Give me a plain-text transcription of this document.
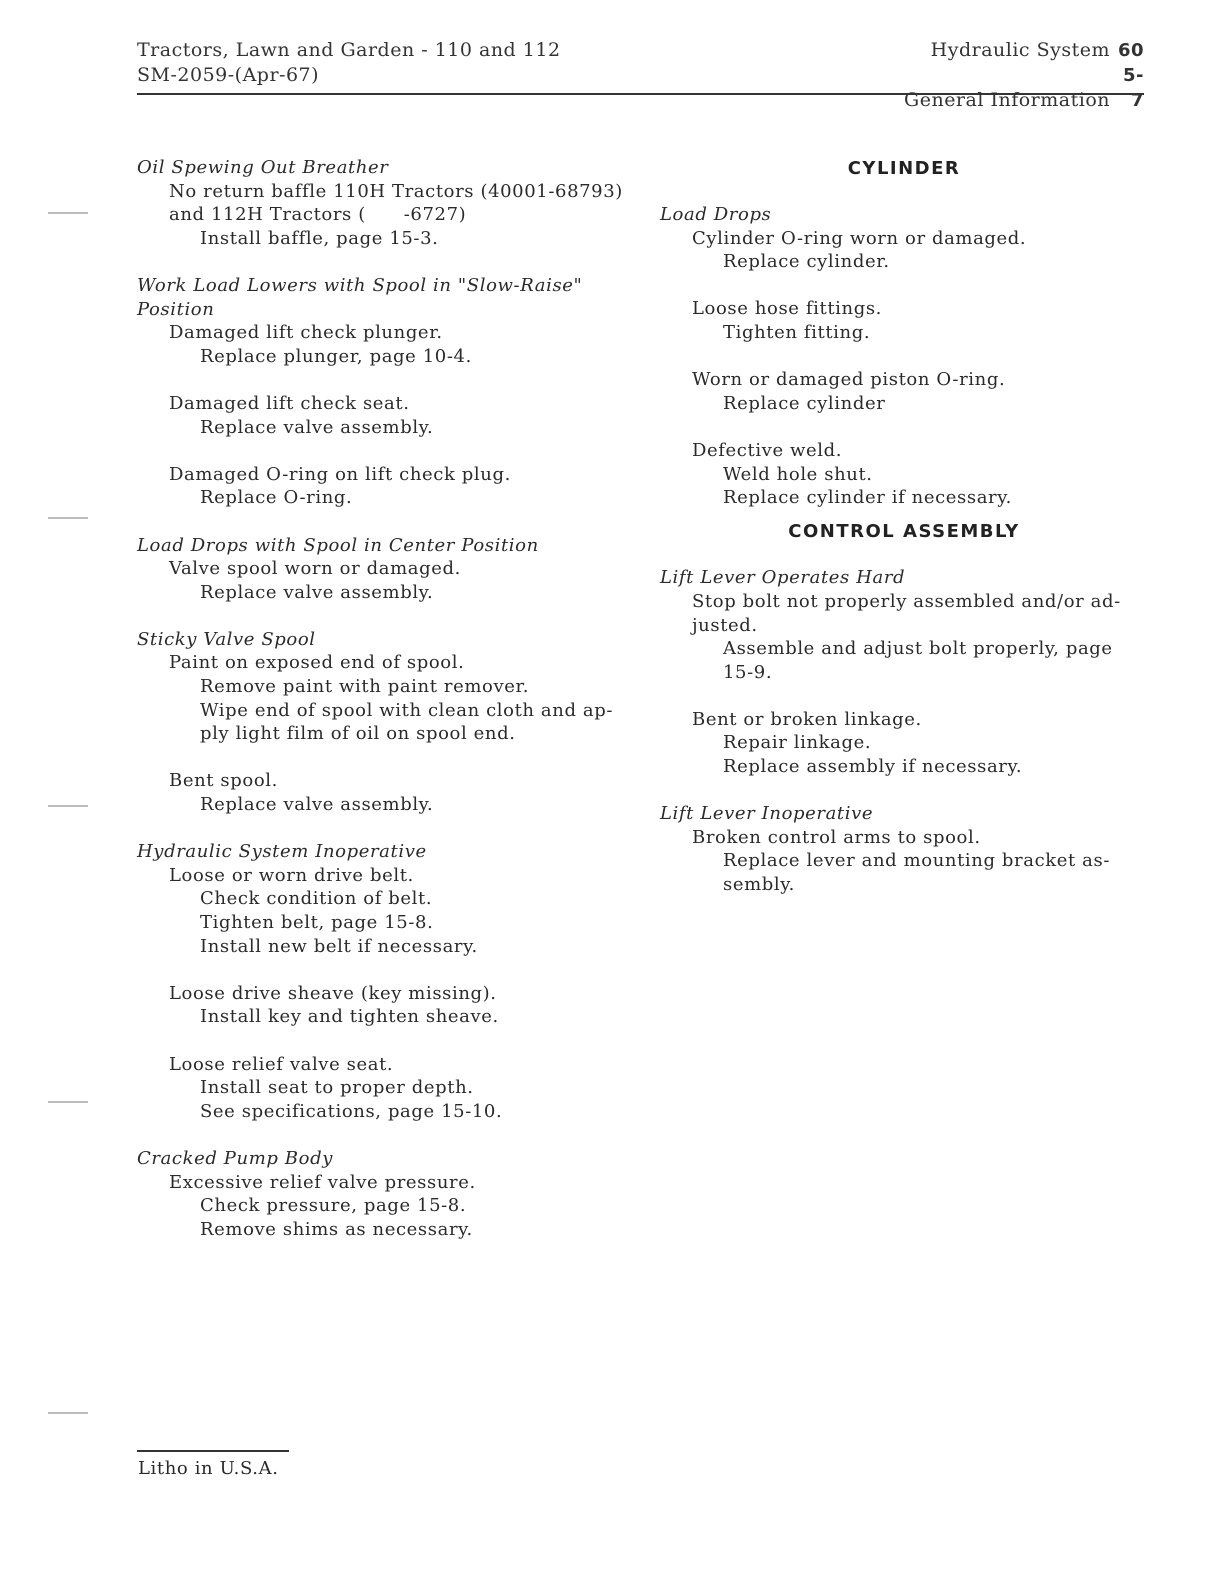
Tractors, Lawn and Garden - 110 and 112
SM-2059-(Apr-67)
Hydraulic System 60
General Information5-7
Oil Spewing Out Breather
No return baffle 110H Tractors (40001-68793)
and 112H Tractors (      -6727)
Install baffle, page 15-3.
Work Load Lowers with Spool in "Slow-Raise"
Position
Damaged lift check plunger.
Replace plunger, page 10-4.
Damaged lift check seat.
Replace valve assembly.
Damaged O-ring on lift check plug.
Replace O-ring.
Load Drops with Spool in Center Position
Valve spool worn or damaged.
Replace valve assembly.
Sticky Valve Spool
Paint on exposed end of spool.
Remove paint with paint remover.
Wipe end of spool with clean cloth and ap-
ply light film of oil on spool end.
Bent spool.
Replace valve assembly.
Hydraulic System Inoperative
Loose or worn drive belt.
Check condition of belt.
Tighten belt, page 15-8.
Install new belt if necessary.
Loose drive sheave (key missing).
Install key and tighten sheave.
Loose relief valve seat.
Install seat to proper depth.
See specifications, page 15-10.
Cracked Pump Body
Excessive relief valve pressure.
Check pressure, page 15-8.
Remove shims as necessary.
CYLINDER
Load Drops
Cylinder O-ring worn or damaged.
Replace cylinder.
Loose hose fittings.
Tighten fitting.
Worn or damaged piston O-ring.
Replace cylinder
Defective weld.
Weld hole shut.
Replace cylinder if necessary.
CONTROL ASSEMBLY
Lift Lever Operates Hard
Stop bolt not properly assembled and/or ad-
justed.
Assemble and adjust bolt properly, page
15-9.
Bent or broken linkage.
Repair linkage.
Replace assembly if necessary.
Lift Lever Inoperative
Broken control arms to spool.
Replace lever and mounting bracket as-
sembly.
Litho in U.S.A.
